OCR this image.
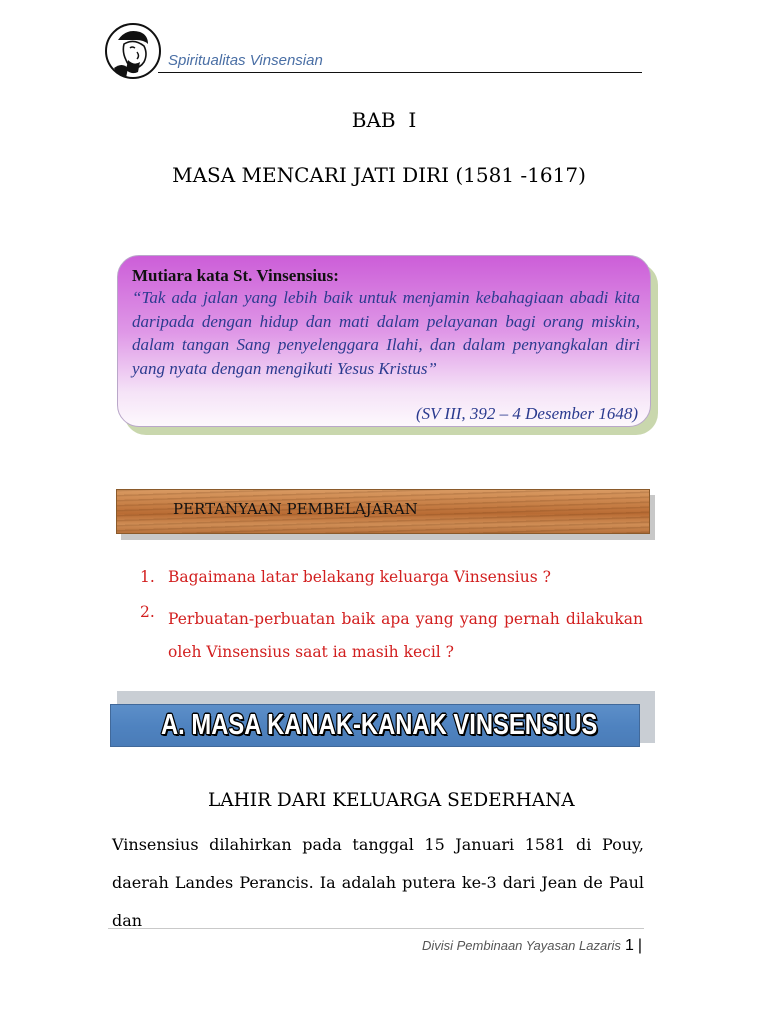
Spiritualitas Vinsensian
BAB  I
MASA MENCARI JATI DIRI (1581 -1617)
Mutiara kata St. Vinsensius:
“Tak ada jalan yang lebih baik untuk menjamin kebahagiaan abadi kita daripada dengan hidup dan mati dalam pelayanan bagi orang miskin, dalam tangan Sang penyelenggara Ilahi, dan dalam penyangkalan diri yang nyata dengan mengikuti Yesus Kristus”
(SV III, 392 – 4 Desember 1648)
PERTANYAAN PEMBELAJARAN
1. Bagaimana latar belakang keluarga Vinsensius ?
2. Perbuatan-perbuatan baik apa yang yang pernah dilakukan oleh Vinsensius saat ia masih kecil ?
A. MASA KANAK-KANAK VINSENSIUS
LAHIR DARI KELUARGA SEDERHANA
Vinsensius dilahirkan pada tanggal 15 Januari 1581 di Pouy, daerah Landes Perancis. Ia adalah putera ke-3 dari Jean de Paul dan
Divisi Pembinaan Yayasan Lazaris 1 |
